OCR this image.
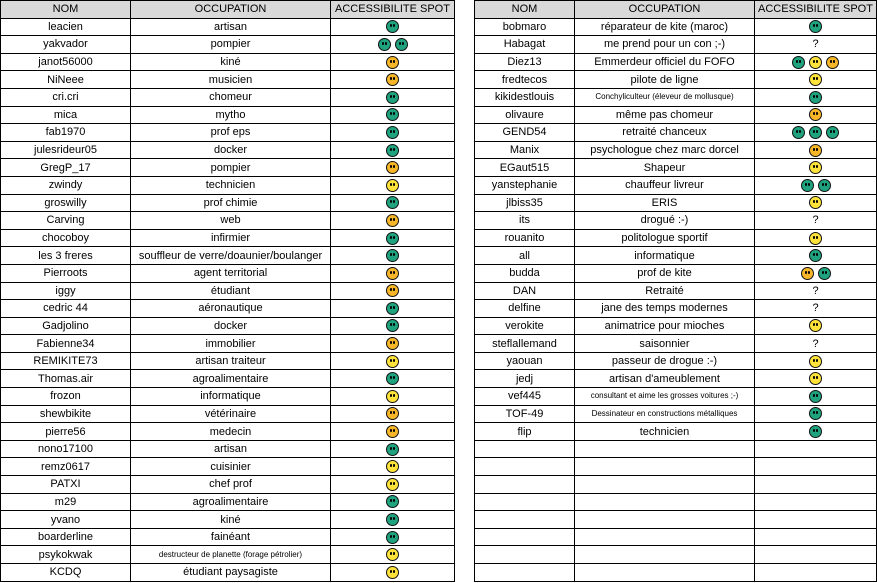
NOM	OCCUPATION	ACCESSIBILITE SPOT
leacien	artisan	
yakvador	pompier	
janot56000	kiné	
NiNeee	musicien	
cri.cri	chomeur	
mica	mytho	
fab1970	prof eps	
julesrideur05	docker	
GregP_17	pompier	
zwindy	technicien	
groswilly	prof chimie	
Carving	web	
chocoboy	infirmier	
les 3 freres	souffleur de verre/doaunier/boulanger	
Pierroots	agent territorial	
iggy	étudiant	
cedric 44	aéronautique	
Gadjolino	docker	
Fabienne34	immobilier	
REMIKITE73	artisan traiteur	
Thomas.air	agroalimentaire	
frozon	informatique	
shewbikite	vétérinaire	
pierre56	medecin	
nono17100	artisan	
remz0617	cuisinier	
PATXI	chef prof	
m29	agroalimentaire	
yvano	kiné	
boarderline	fainéant	
psykokwak	destructeur de planette (forage pétrolier)	
KCDQ	étudiant paysagiste	
NOM	OCCUPATION	ACCESSIBILITE SPOT
bobmaro	réparateur de kite (maroc)	
Habagat	me prend pour un con ;-)	?
Diez13	Emmerdeur officiel du FOFO	
fredtecos	pilote de ligne	
kikidestlouis	Conchyliculteur (éleveur de mollusque)	
olivaure	même pas chomeur	
GEND54	retraité chanceux	
Manix	psychologue chez marc dorcel	
EGaut515	Shapeur	
yanstephanie	chauffeur livreur	
jlbiss35	ERIS	
its	drogué :-)	?
rouanito	politologue sportif	
all	informatique	
budda	prof de kite	
DAN	Retraité	?
delfine	jane des temps modernes	?
verokite	animatrice pour mioches	
steflallemand	saisonnier	?
yaouan	passeur de drogue :-)	
jedj	artisan d'ameublement	
vef445	consultant et aime les grosses voitures ;-)	
TOF-49	Dessinateur en constructions métalliques	
flip	technicien	
